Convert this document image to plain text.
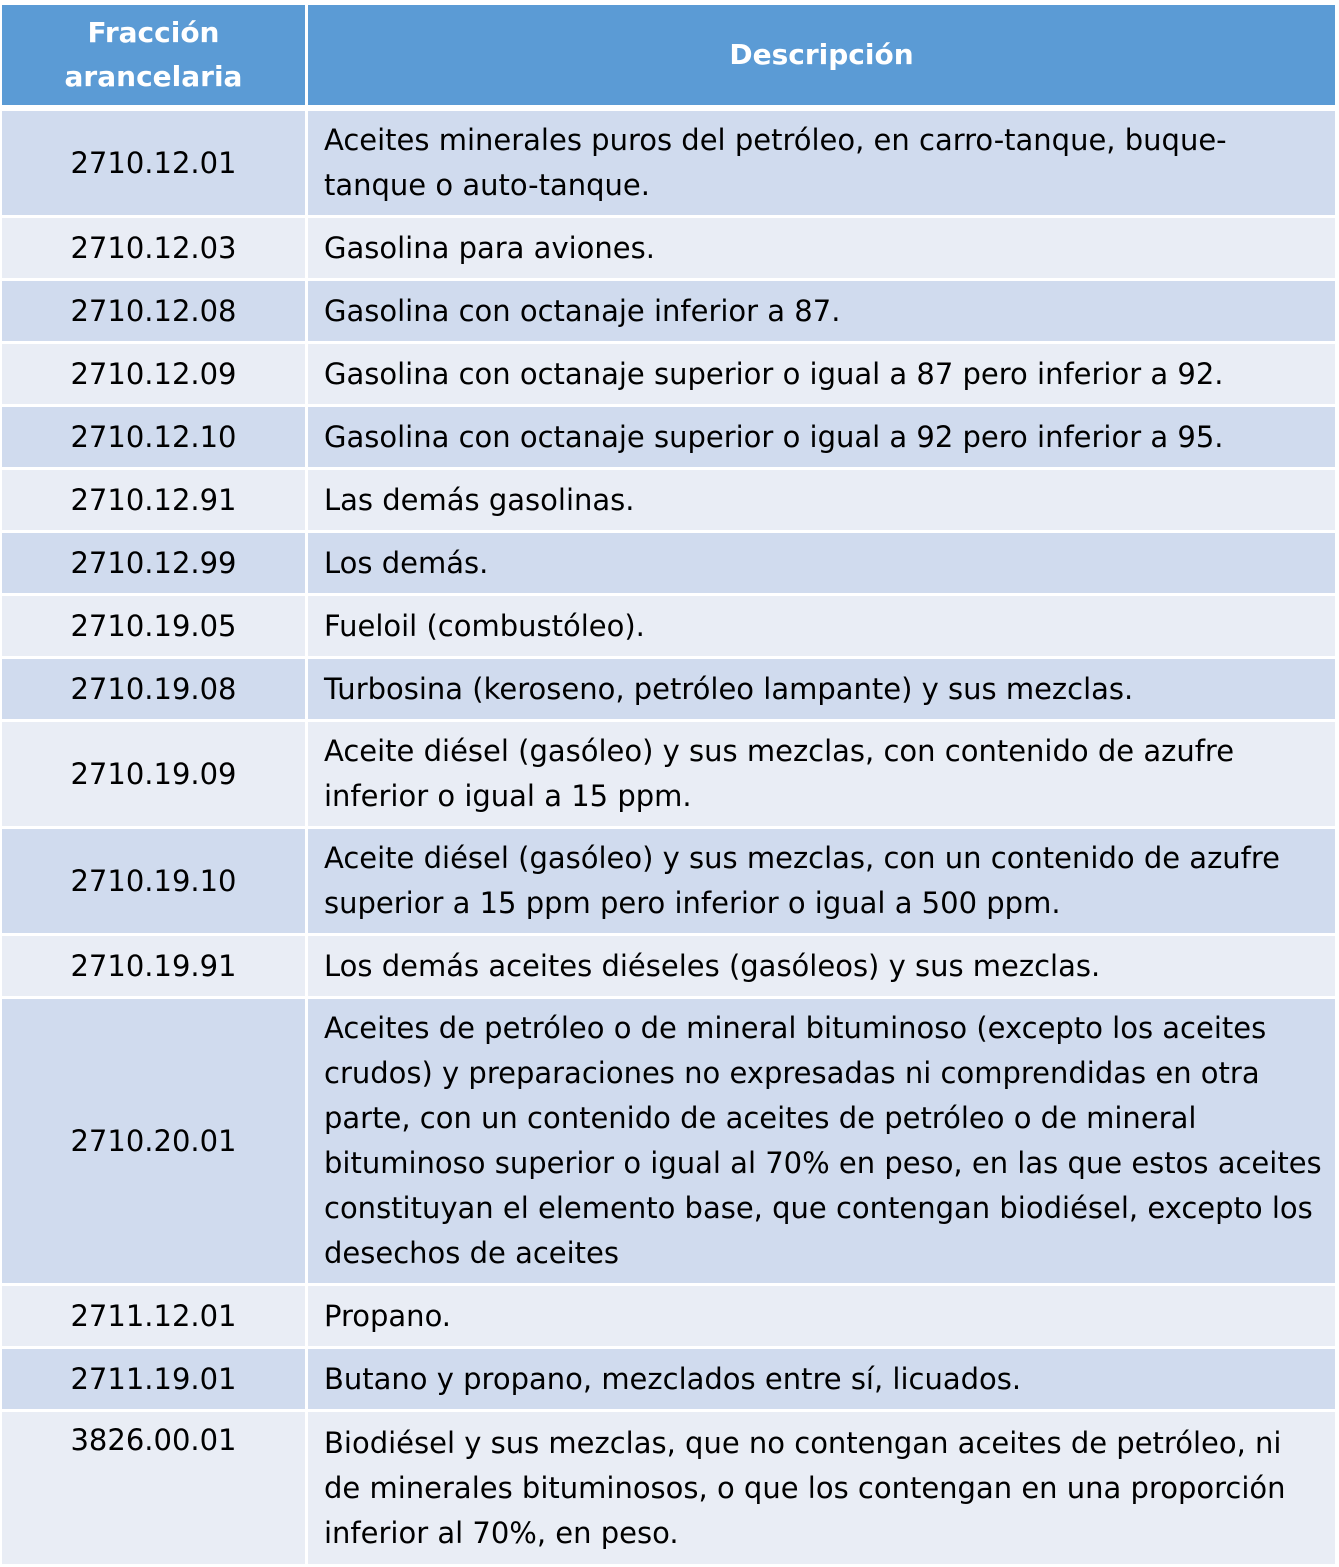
Fracción arancelaria	Descripción
2710.12.01	Aceites minerales puros del petróleo, en carro-tanque, buque-tanque o auto-tanque.
2710.12.03	Gasolina para aviones.
2710.12.08	Gasolina con octanaje inferior a 87.
2710.12.09	Gasolina con octanaje superior o igual a 87 pero inferior a 92.
2710.12.10	Gasolina con octanaje superior o igual a 92 pero inferior a 95.
2710.12.91	Las demás gasolinas.
2710.12.99	Los demás.
2710.19.05	Fueloil (combustóleo).
2710.19.08	Turbosina (keroseno, petróleo lampante) y sus mezclas.
2710.19.09	Aceite diésel (gasóleo) y sus mezclas, con contenido de azufre inferior o igual a 15 ppm.
2710.19.10	Aceite diésel (gasóleo) y sus mezclas, con un contenido de azufre superior a 15 ppm pero inferior o igual a 500 ppm.
2710.19.91	Los demás aceites diéseles (gasóleos) y sus mezclas.
2710.20.01	Aceites de petróleo o de mineral bituminoso (excepto los aceites crudos) y preparaciones no expresadas ni comprendidas en otra parte, con un contenido de aceites de petróleo o de mineral bituminoso superior o igual al 70% en peso, en las que estos aceites constituyan el elemento base, que contengan biodiésel, excepto los desechos de aceites
2711.12.01	Propano.
2711.19.01	Butano y propano, mezclados entre sí, licuados.
3826.00.01	Biodiésel y sus mezclas, que no contengan aceites de petróleo, ni de minerales bituminosos, o que los contengan en una proporción inferior al 70%, en peso.
